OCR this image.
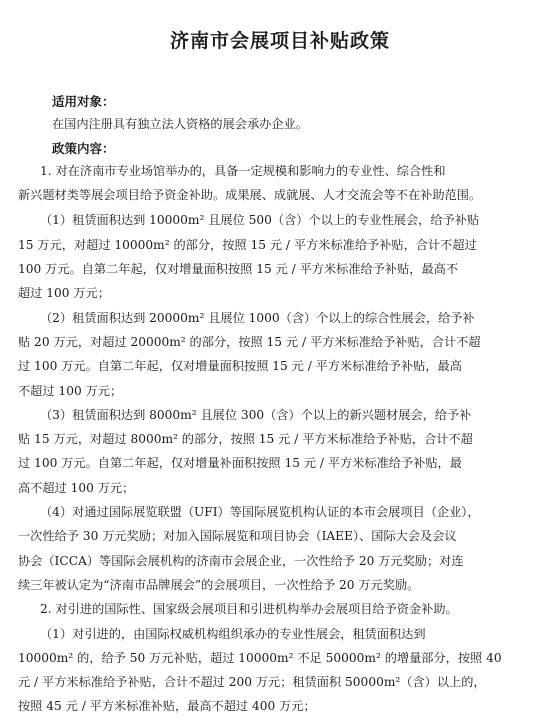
济南市会展项目补贴政策
适用对象：
在国内注册具有独立法人资格的展会承办企业。
政策内容：
1. 对在济南市专业场馆举办的，具备一定规模和影响力的专业性、综合性和
新兴题材类等展会项目给予资金补助。成果展、成就展、人才交流会等不在补助范围。
（1）租赁面积达到 10000m² 且展位 500（含）个以上的专业性展会，给予补贴
15 万元，对超过 10000m² 的部分，按照 15 元 / 平方米标准给予补贴，合计不超过
100 万元。自第二年起，仅对增量面积按照 15 元 / 平方米标准给予补贴，最高不
超过 100 万元；
（2）租赁面积达到 20000m² 且展位 1000（含）个以上的综合性展会，给予补
贴 20 万元，对超过 20000m² 的部分，按照 15 元 / 平方米标准给予补贴，合计不超
过 100 万元。自第二年起，仅对增量面积按照 15 元 / 平方米标准给予补贴，最高
不超过 100 万元；
（3）租赁面积达到 8000m² 且展位 300（含）个以上的新兴题材展会，给予补
贴 15 万元，对超过 8000m² 的部分，按照 15 元 / 平方米标准给予补贴，合计不超
过 100 万元。自第二年起，仅对增量补面积按照 15 元 / 平方米标准给予补贴，最
高不超过 100 万元；
（4）对通过国际展览联盟（UFI）等国际展览机构认证的本市会展项目（企业），
一次性给予 30 万元奖励；对加入国际展览和项目协会（IAEE）、国际大会及会议
协会（ICCA）等国际会展机构的济南市会展企业，一次性给予 20 万元奖励；对连
续三年被认定为“济南市品牌展会”的会展项目，一次性给予 20 万元奖励。
2. 对引进的国际性、国家级会展项目和引进机构举办会展项目给予资金补助。
（1）对引进的，由国际权威机构组织承办的专业性展会，租赁面积达到
10000m² 的，给予 50 万元补贴，超过 10000m² 不足 50000m² 的增量部分，按照 40
元 / 平方米标准给予补贴，合计不超过 200 万元；租赁面积 50000m²（含）以上的，
按照 45 元 / 平方米标准补贴，最高不超过 400 万元；
